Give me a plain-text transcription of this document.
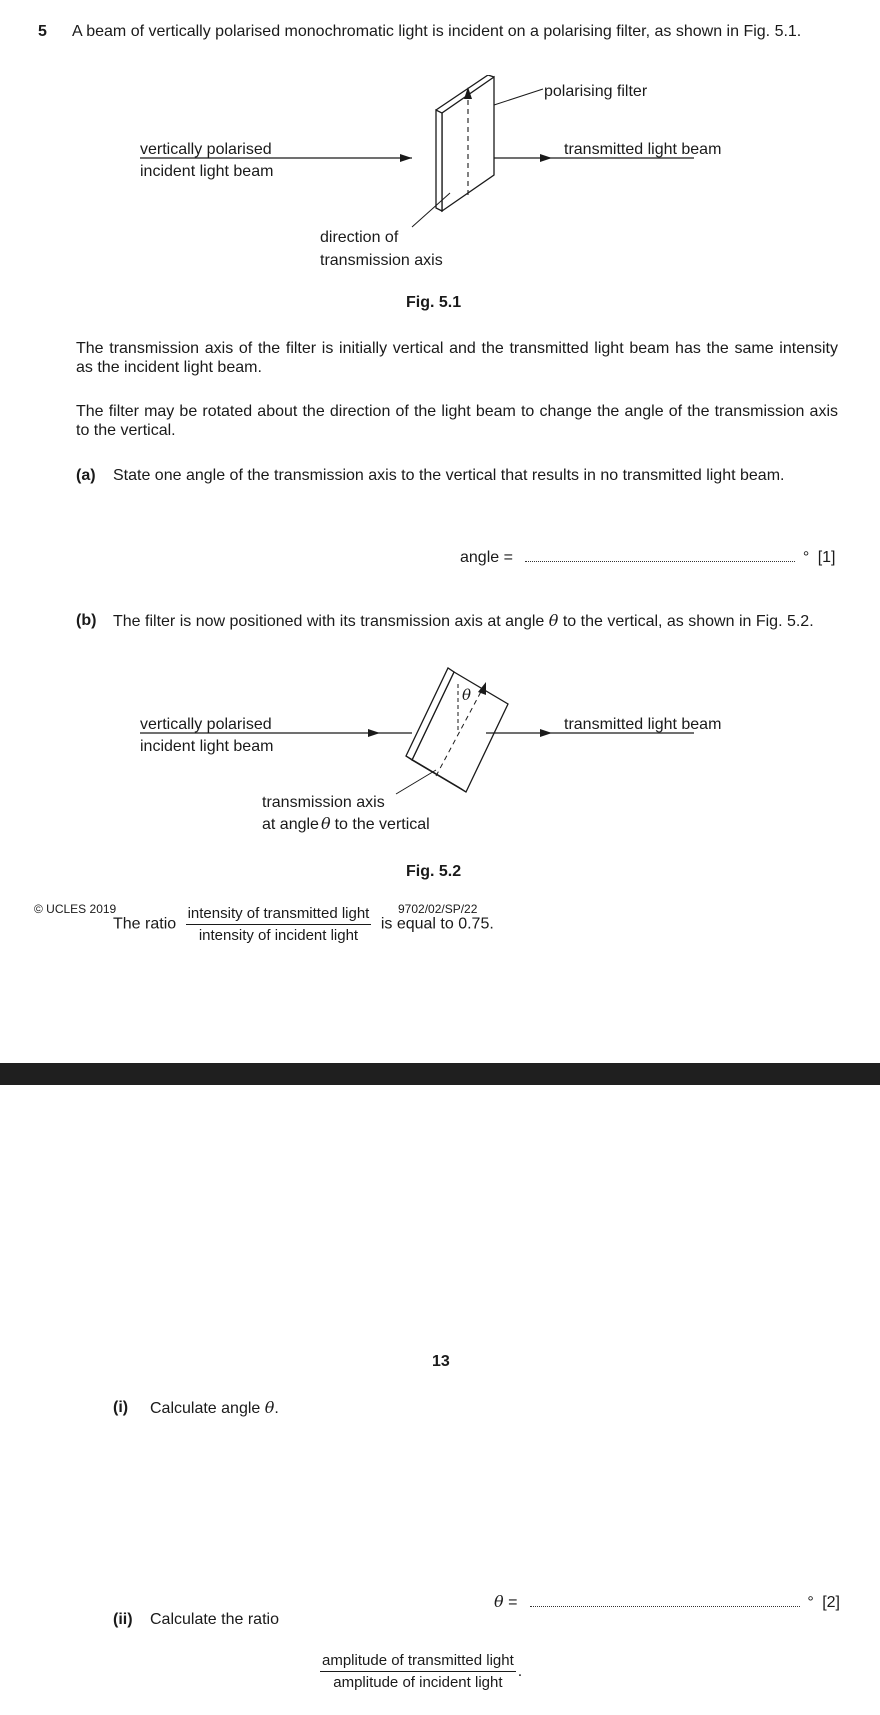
5 A beam of vertically polarised monochromatic light is incident on a polarising filter, as shown in Fig. 5.1.
polarising filter
vertically polarised
incident light beam
transmitted light beam
direction of
transmission axis
Fig. 5.1
The transmission axis of the filter is initially vertical and the transmitted light beam has the same intensity as the incident light beam.
The filter may be rotated about the direction of the light beam to change the angle of the transmission axis to the vertical.
(a) State one angle of the transmission axis to the vertical that results in no transmitted light beam.
angle =	° [1]
(b) The filter is now positioned with its transmission axis at angle θ to the vertical, as shown in Fig. 5.2.
θ
vertically polarised
incident light beam
transmitted light beam
transmission axis
at angle θ to the vertical
Fig. 5.2
The ratio $\frac{\text{intensity of transmitted light}}{\text{intensity of incident light}}$ is equal to 0.75.
© UCLES 2019	9702/02/SP/22
13
(i) Calculate angle θ.
θ =	° [2]
(ii) Calculate the ratio
$\frac{\text{amplitude of transmitted light}}{\text{amplitude of incident light}}$ .
